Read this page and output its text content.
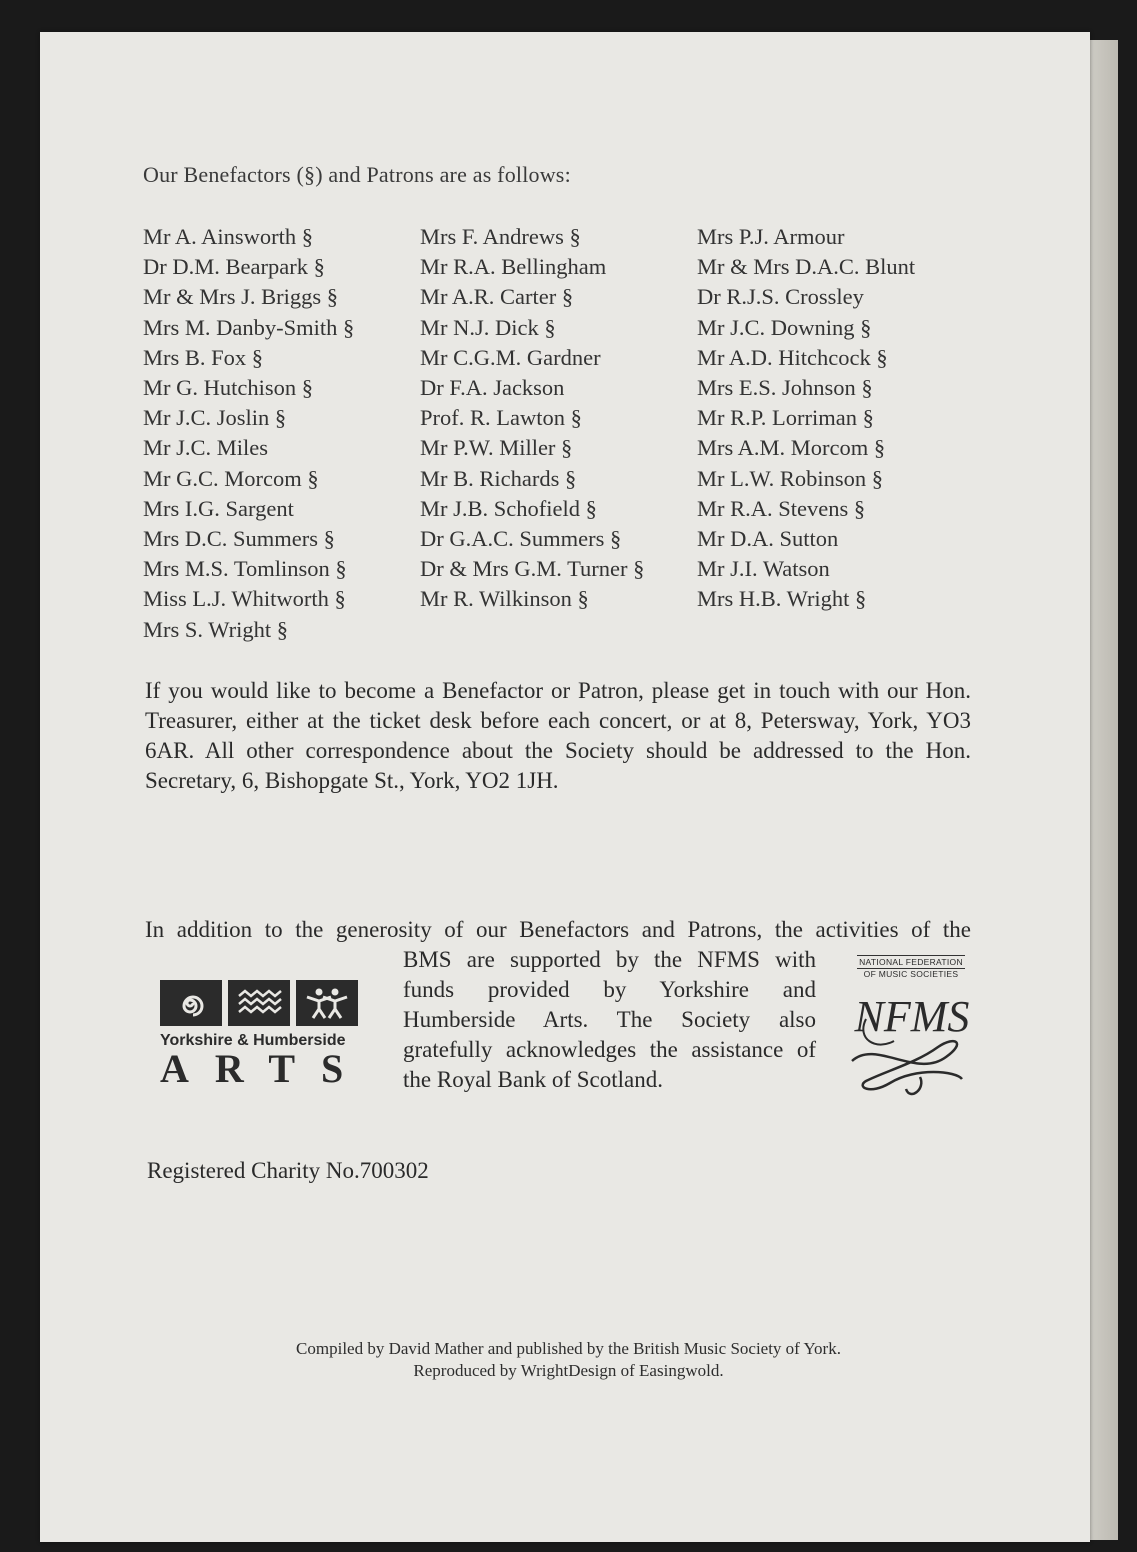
Our Benefactors (§) and Patrons are as follows:
Mr A. Ainsworth §
Dr D.M. Bearpark §
Mr & Mrs J. Briggs §
Mrs M. Danby-Smith §
Mrs B. Fox §
Mr G. Hutchison §
Mr J.C. Joslin §
Mr J.C. Miles
Mr G.C. Morcom §
Mrs I.G. Sargent
Mrs D.C. Summers §
Mrs M.S. Tomlinson §
Miss L.J. Whitworth §
Mrs S. Wright §
Mrs F. Andrews §
Mr R.A. Bellingham
Mr A.R. Carter §
Mr N.J. Dick §
Mr C.G.M. Gardner
Dr F.A. Jackson
Prof. R. Lawton §
Mr P.W. Miller §
Mr B. Richards §
Mr J.B. Schofield §
Dr G.A.C. Summers §
Dr & Mrs G.M. Turner §
Mr R. Wilkinson §
Mrs P.J. Armour
Mr & Mrs D.A.C. Blunt
Dr R.J.S. Crossley
Mr J.C. Downing §
Mr A.D. Hitchcock §
Mrs E.S. Johnson §
Mr R.P. Lorriman §
Mrs A.M. Morcom §
Mr L.W. Robinson §
Mr R.A. Stevens §
Mr D.A. Sutton
Mr J.I. Watson
Mrs H.B. Wright §
If you would like to become a Benefactor or Patron, please get in touch with our Hon. Treasurer, either at the ticket desk before each concert, or at 8, Petersway, York, YO3 6AR. All other correspondence about the Society should be addressed to the Hon. Secretary, 6, Bishopgate St., York, YO2 1JH.
In addition to the generosity of our Benefactors and Patrons, the activities of the
BMS are supported by the NFMS with funds provided by Yorkshire and Humberside Arts. The Society also gratefully acknowledges the assistance of the Royal Bank of Scotland.
Yorkshire & Humberside
ARTS
NATIONAL FEDERATION
OF MUSIC SOCIETIES
NFMS
Registered Charity No.700302
Compiled by David Mather and published by the British Music Society of York.
Reproduced by WrightDesign of Easingwold.
